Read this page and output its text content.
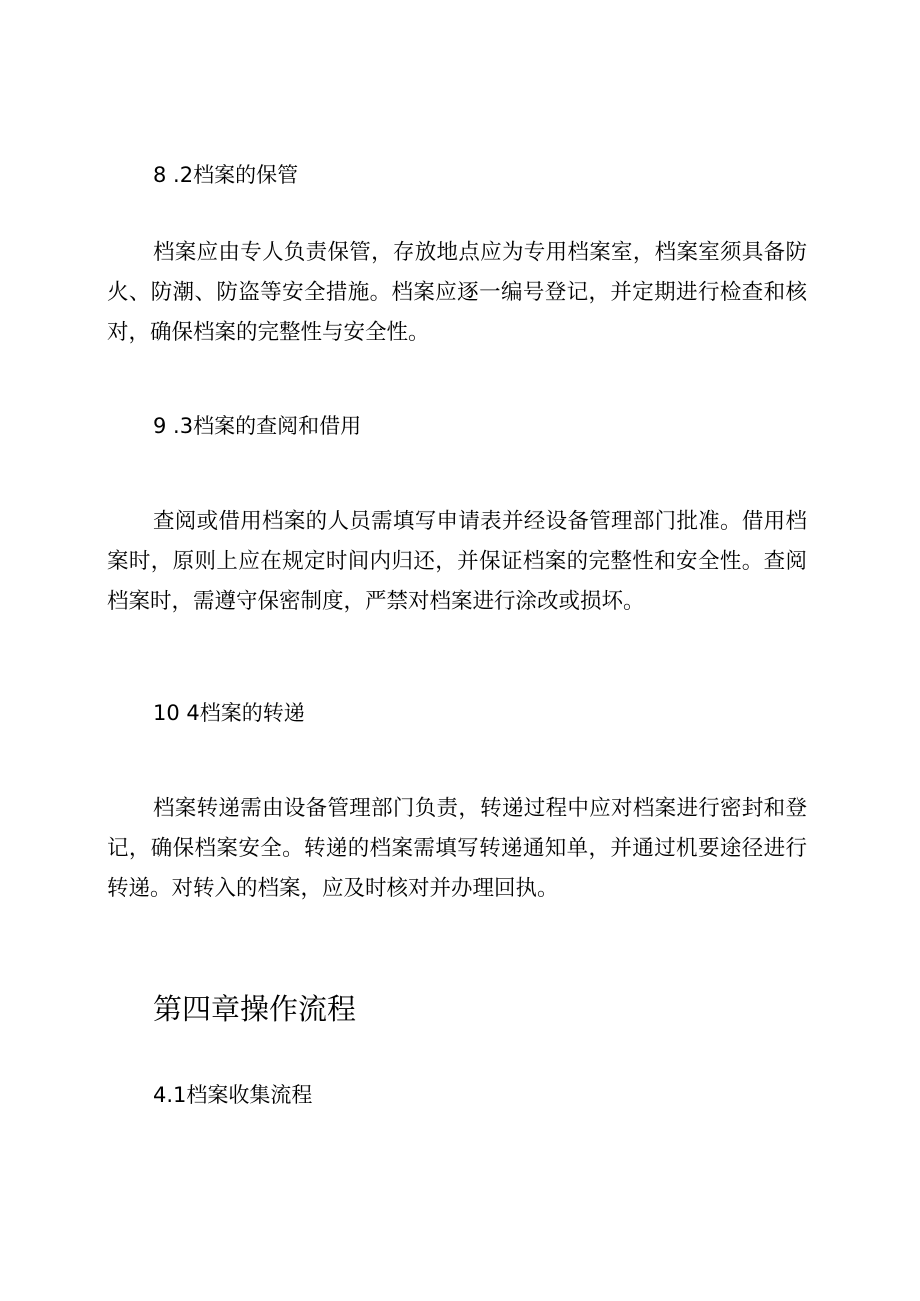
8 .2档案的保管

档案应由专人负责保管，存放地点应为专用档案室，档案室须具备防火、防潮、防盗等安全措施。档案应逐一编号登记，并定期进行检查和核对，确保档案的完整性与安全性。

9 .3档案的查阅和借用

查阅或借用档案的人员需填写申请表并经设备管理部门批准。借用档案时，原则上应在规定时间内归还，并保证档案的完整性和安全性。查阅档案时，需遵守保密制度，严禁对档案进行涂改或损坏。

10 4档案的转递

档案转递需由设备管理部门负责，转递过程中应对档案进行密封和登记，确保档案安全。转递的档案需填写转递通知单，并通过机要途径进行转递。对转入的档案，应及时核对并办理回执。

第四章操作流程
4.1档案收集流程
